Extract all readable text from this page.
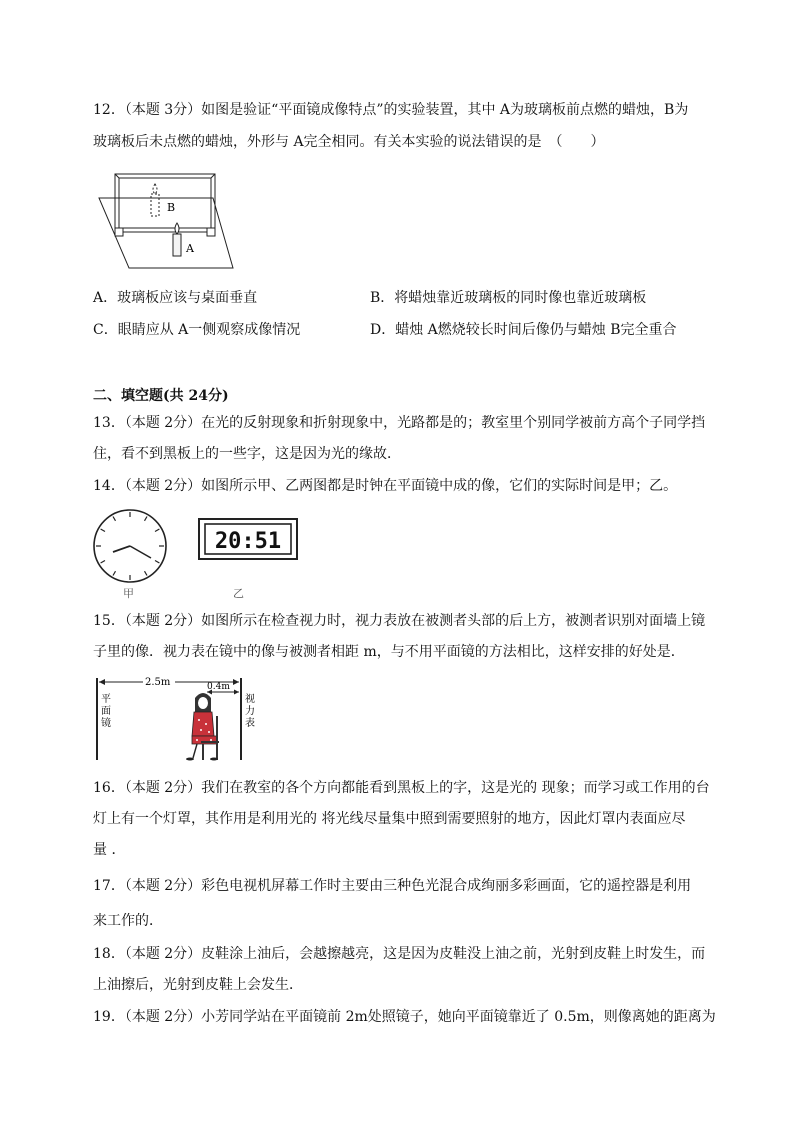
12．（本题 3分）如图是验证“平面镜成像特点”的实验装置，其中 A为玻璃板前点燃的蜡烛，B为
玻璃板后未点燃的蜡烛，外形与 A完全相同。有关本实验的说法错误的是　（　　）
B
A
A．玻璃板应该与桌面垂直	B．将蜡烛靠近玻璃板的同时像也靠近玻璃板
C．眼睛应从 A一侧观察成像情况	D．蜡烛 A燃烧较长时间后像仍与蜡烛 B完全重合
二、填空题(共 24分)
13．（本题 2分）在光的反射现象和折射现象中，光路都是的；教室里个别同学被前方高个子同学挡
住，看不到黑板上的一些字，这是因为光的缘故．
14．（本题 2分）如图所示甲、乙两图都是时钟在平面镜中成的像，它们的实际时间是甲；乙。
甲
20:51
乙
15．（本题 2分）如图所示在检查视力时，视力表放在被测者头部的后上方，被测者识别对面墙上镜
子里的像．视力表在镜中的像与被测者相距 m，与不用平面镜的方法相比，这样安排的好处是．
2.5m	0.4m
平
面
镜
视
力
表
16．（本题 2分）我们在教室的各个方向都能看到黑板上的字，这是光的 现象；而学习或工作用的台
灯上有一个灯罩，其作用是利用光的 将光线尽量集中照到需要照射的地方，因此灯罩内表面应尽
量 ．
17．（本题 2分）彩色电视机屏幕工作时主要由三种色光混合成绚丽多彩画面，它的遥控器是利用
来工作的．
18．（本题 2分）皮鞋涂上油后，会越擦越亮，这是因为皮鞋没上油之前，光射到皮鞋上时发生，而
上油擦后，光射到皮鞋上会发生．
19．（本题 2分）小芳同学站在平面镜前 2m处照镜子，她向平面镜靠近了 0.5m，则像离她的距离为
